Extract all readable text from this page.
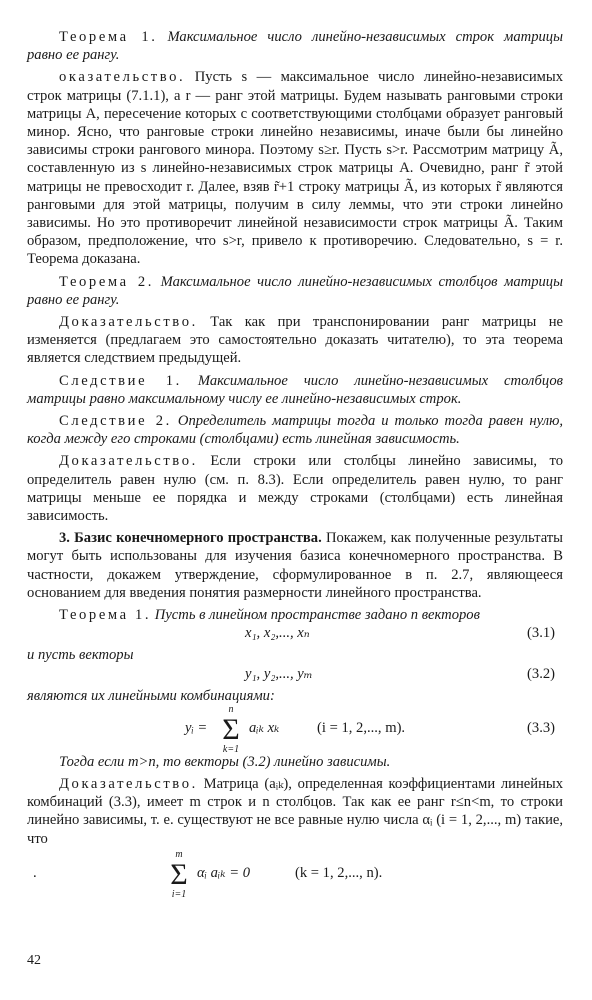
Теорема 1. Максимальное число линейно-независимых строк матрицы равно ее рангу.

оказательство. Пусть s — максимальное число линейно-независимых строк матрицы (7.1.1), а r — ранг этой матрицы. Будем называть ранговыми строки матрицы A, пересечение которых с соответствующими столбцами образует ранговый минор. Ясно, что ранговые строки линейно независимы, иначе были бы линейно зависимы строки рангового минора. Поэтому s≥r. Пусть s>r. Рассмотрим матрицу Ã, составленную из s линейно-независимых строк матрицы A. Очевидно, ранг r̃ этой матрицы не превосходит r. Далее, взяв r̃+1 строку матрицы Ã, из которых r̃ являются ранговыми для этой матрицы, получим в силу леммы, что эти строки линейно зависимы. Но это противоречит линейной независимости строк матрицы Ã. Таким образом, предположение, что s>r, привело к противоречию. Следовательно, s = r. Теорема доказана.

Теорема 2. Максимальное число линейно-независимых столбцов матрицы равно ее рангу.

Доказательство. Так как при транспонировании ранг матрицы не изменяется (предлагаем это самостоятельно доказать читателю), то эта теорема является следствием предыдущей.

Следствие 1. Максимальное число линейно-независимых столбцов матрицы равно максимальному числу ее линейно-независимых строк.

Следствие 2. Определитель матрицы тогда и только тогда равен нулю, когда между его строками (столбцами) есть линейная зависимость.

Доказательство. Если строки или столбцы линейно зависимы, то определитель равен нулю (см. п. 8.3). Если определитель равен нулю, то ранг матрицы меньше ее порядка и между строками (столбцами) есть линейная зависимость.

3. Базис конечномерного пространства. Покажем, как полученные результаты могут быть использованы для изучения базиса конечномерного пространства. В частности, докажем утверждение, сформулированное в п. 2.7, являющееся основанием для введения понятия размерности линейного пространства.

Теорема 1. Пусть в линейном пространстве задано n векторов

x₁, x₂,..., xₙ	(3.1)

и пусть векторы

y₁, y₂,..., yₘ	(3.2)

являются их линейными комбинациями:

yᵢ =
n
Σ
k=1
aᵢₖ xₖ	(i = 1, 2,..., m).	(3.3)

Тогда если m>n, то векторы (3.2) линейно зависимы.

Доказательство. Матрица (aᵢₖ), определенная коэффициентами линейных комбинаций (3.3), имеет m строк и n столбцов. Так как ее ранг r≤n<m, то строки линейно зависимы, т. е. существуют не все равные нулю числа αᵢ (i = 1, 2,..., m) такие, что

.
m
Σ
i=1
αᵢ aᵢₖ = 0	(k = 1, 2,..., n).
42
